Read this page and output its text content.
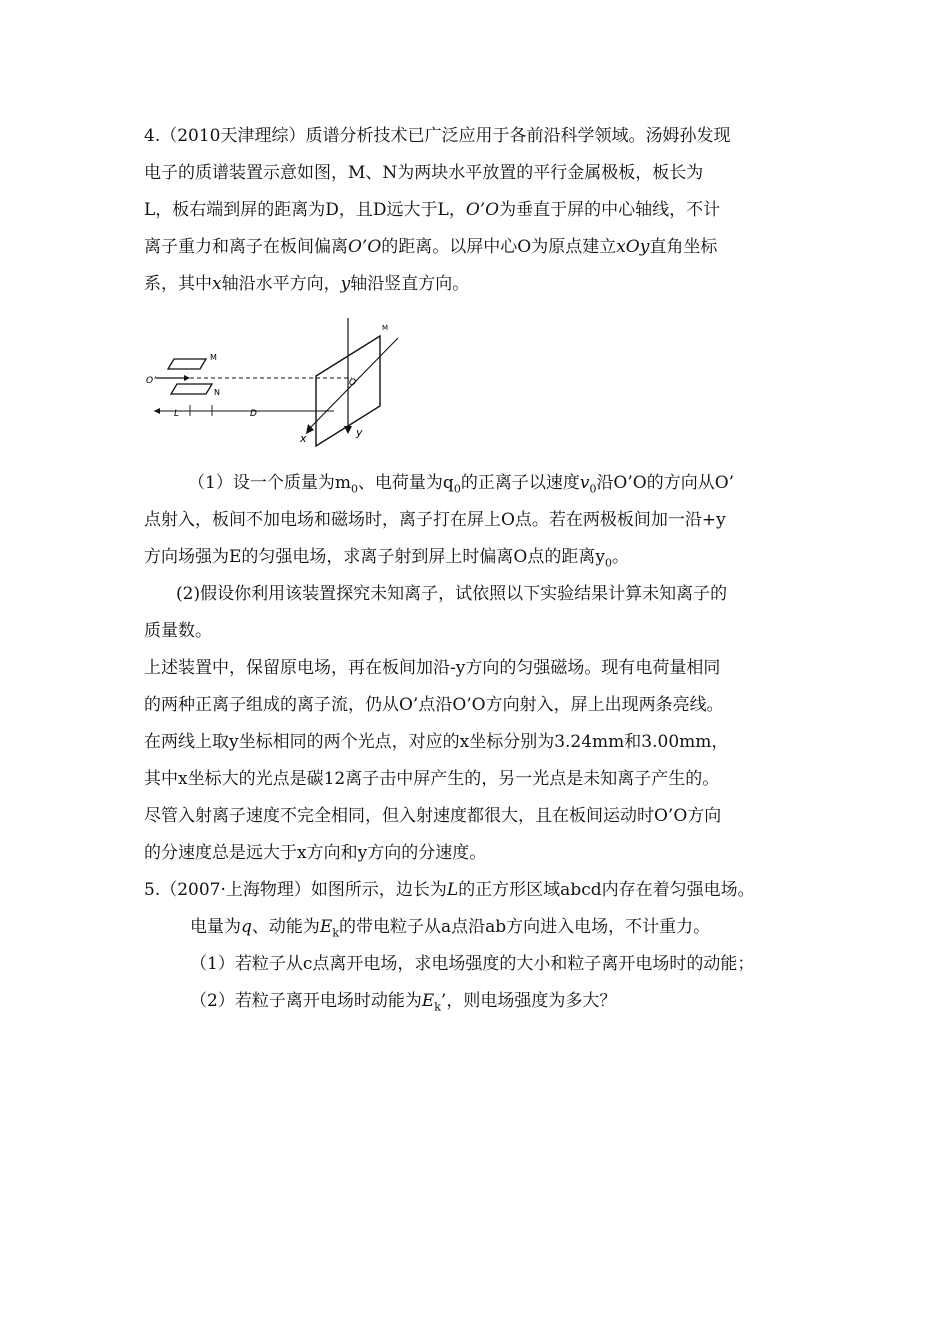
4.（2010天津理综）质谱分析技术已广泛应用于各前沿科学领域。汤姆孙发现
电子的质谱装置示意如图，M、N为两块水平放置的平行金属极板，板长为
L，板右端到屏的距离为D，且D远大于L，O’O为垂直于屏的中心轴线，不计
离子重力和离子在板间偏离O’O的距离。以屏中心O为原点建立xOy直角坐标
系，其中x轴沿水平方向，y轴沿竖直方向。
M
N
O’
L	D
y
x
O
M
（1）设一个质量为$m_0$、电荷量为$q_0$的正离子以速度$v_0$沿O’O的方向从O’
点射入，板间不加电场和磁场时，离子打在屏上O点。若在两极板间加一沿+y
方向场强为E的匀强电场，求离子射到屏上时偏离O点的距离$y_0$。
(2)假设你利用该装置探究未知离子，试依照以下实验结果计算未知离子的
质量数。
上述装置中，保留原电场，再在板间加沿-y方向的匀强磁场。现有电荷量相同
的两种正离子组成的离子流，仍从O’点沿O’O方向射入，屏上出现两条亮线。
在两线上取y坐标相同的两个光点，对应的x坐标分别为3.24mm和3.00mm，
其中x坐标大的光点是碳12离子击中屏产生的，另一光点是未知离子产生的。
尽管入射离子速度不完全相同，但入射速度都很大，且在板间运动时O’O方向
的分速度总是远大于x方向和y方向的分速度。
5.（2007·上海物理）如图所示，边长为L的正方形区域abcd内存在着匀强电场。
电量为q、动能为$E_k$的带电粒子从a点沿ab方向进入电场，不计重力。
（1）若粒子从c点离开电场，求电场强度的大小和粒子离开电场时的动能；
（2）若粒子离开电场时动能为$E_k$’，则电场强度为多大？
